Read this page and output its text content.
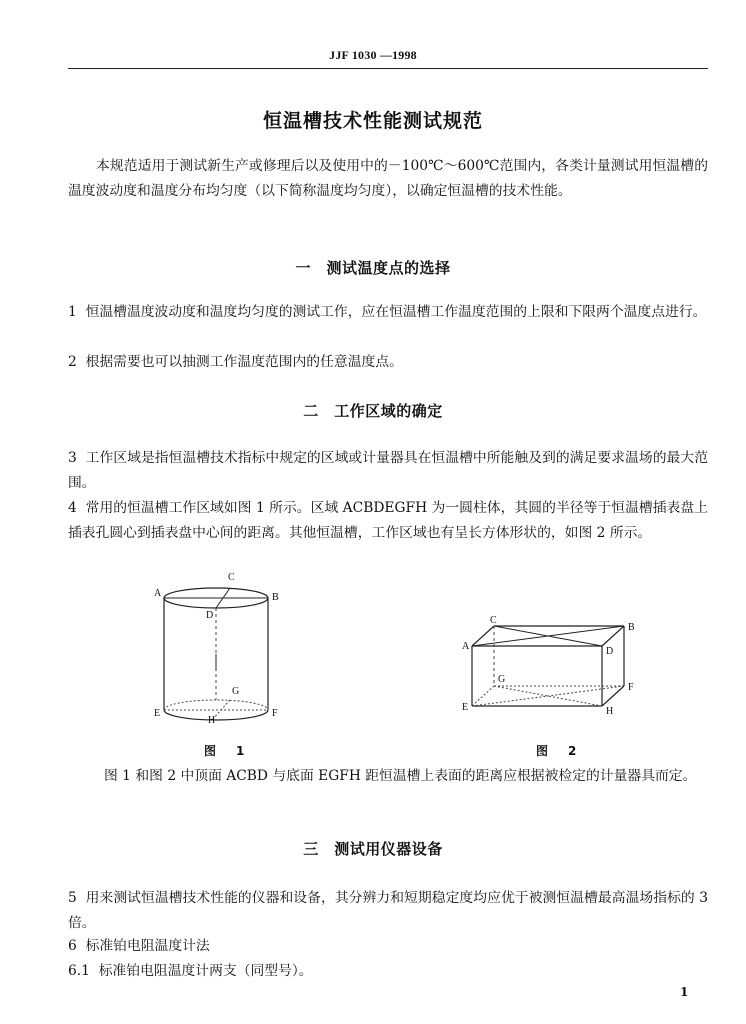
JJF 1030 —1998
恒温槽技术性能测试规范
本规范适用于测试新生产或修理后以及使用中的－100℃～600℃范围内，各类计量测试用恒温槽的温度波动度和温度分布均匀度（以下简称温度均匀度），以确定恒温槽的技术性能。
一　测试温度点的选择
1 恒温槽温度波动度和温度均匀度的测试工作，应在恒温槽工作温度范围的上限和下限两个温度点进行。
2 根据需要也可以抽测工作温度范围内的任意温度点。
二　工作区域的确定
3 工作区域是指恒温槽技术指标中规定的区域或计量器具在恒温槽中所能触及到的满足要求温场的最大范围。
4 常用的恒温槽工作区域如图 1 所示。区域 ACBDEGFH 为一圆柱体，其圆的半径等于恒温槽插表盘上插表孔圆心到插表盘中心间的距离。其他恒温槽，工作区域也有呈长方体形状的，如图 2 所示。
C
A	B
D
G
E	F
H
C
A
B
D
G
F
E	H
图　1	图　2
图 1 和图 2 中顶面 ACBD 与底面 EGFH 距恒温槽上表面的距离应根据被检定的计量器具而定。
三　测试用仪器设备
5 用来测试恒温槽技术性能的仪器和设备，其分辨力和短期稳定度均应优于被测恒温槽最高温场指标的 3 倍。
6 标准铂电阻温度计法
6.1 标准铂电阻温度计两支（同型号）。
1
